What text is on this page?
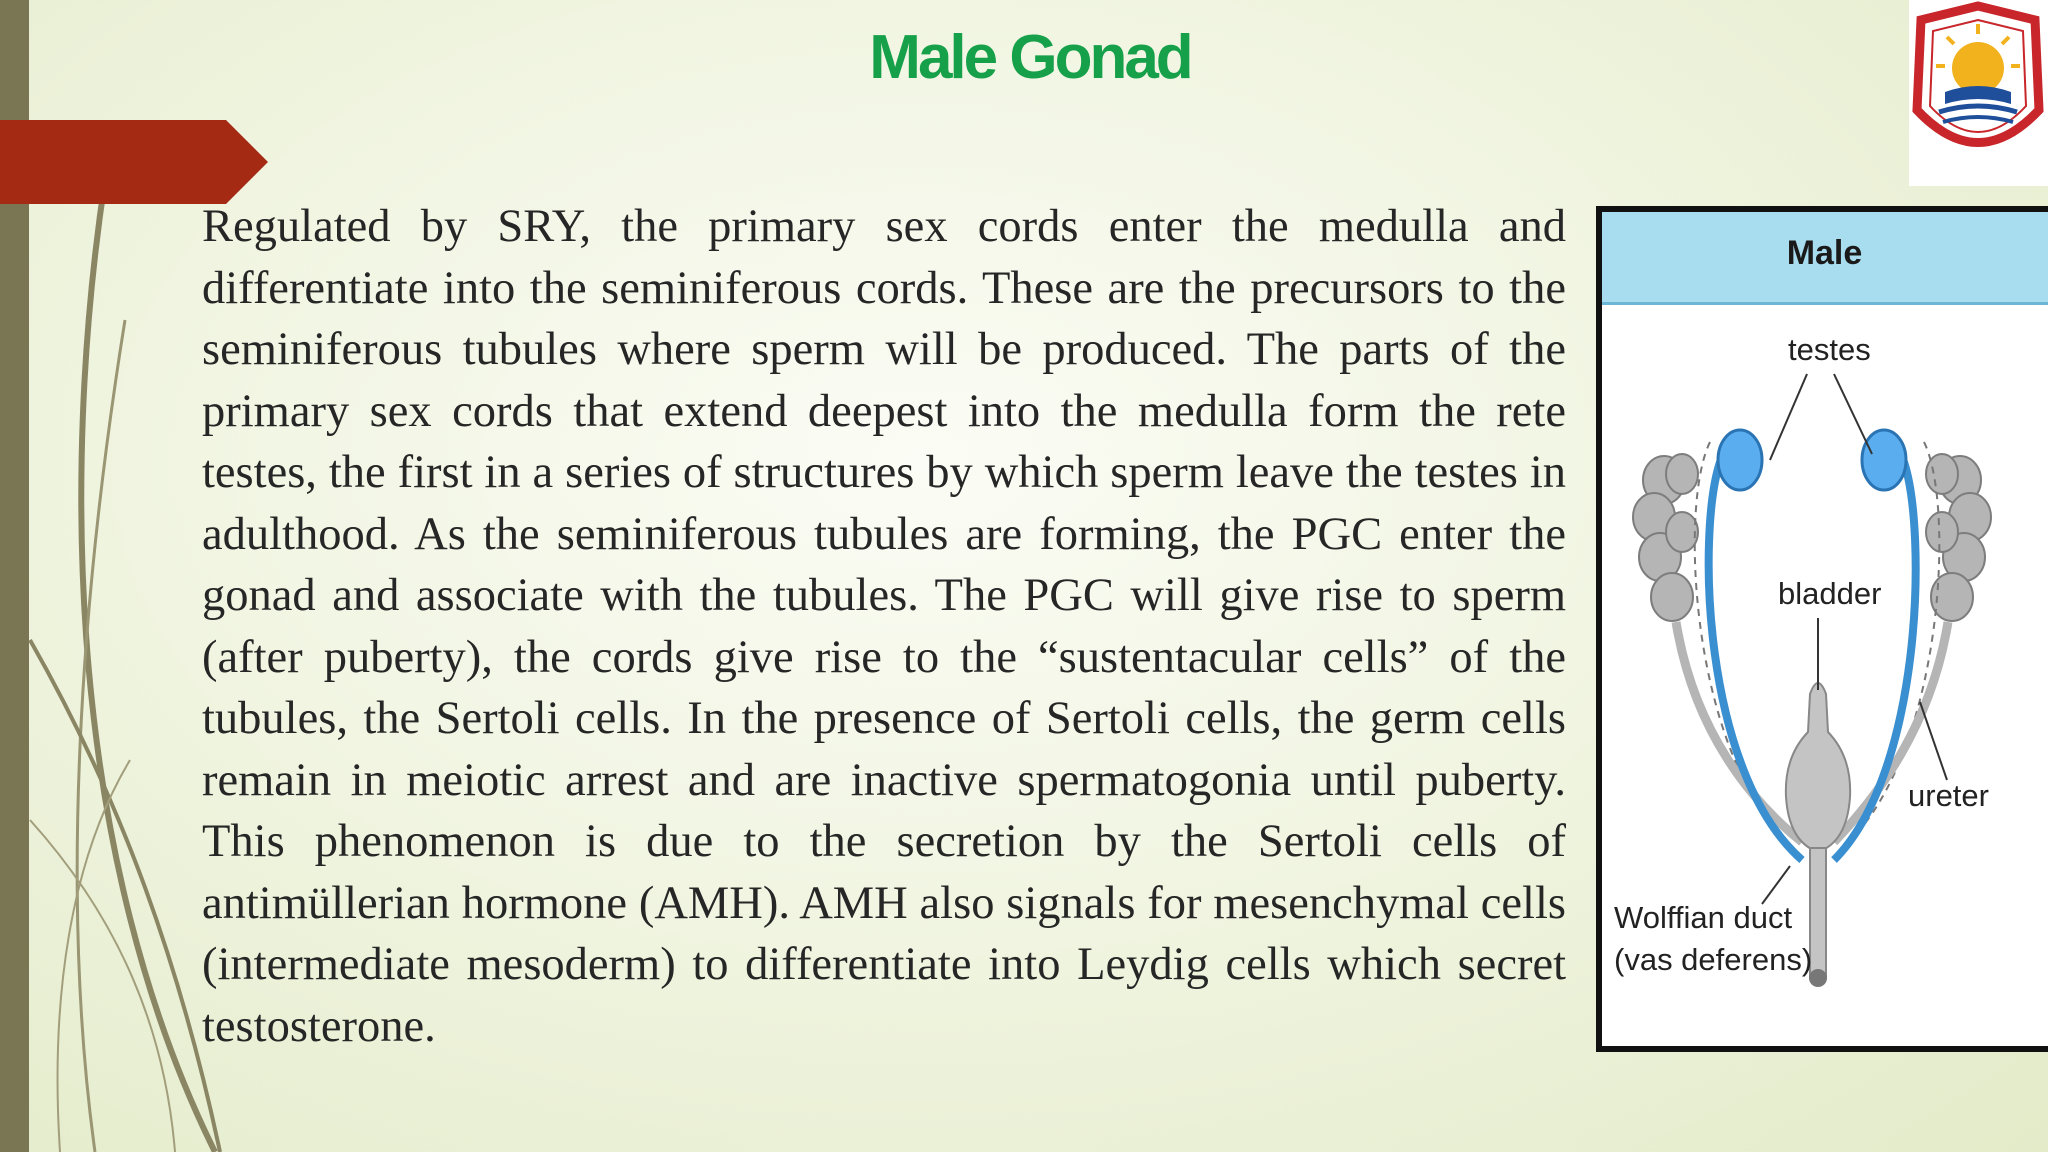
Male Gonad

Regulated by SRY, the primary sex cords enter the medulla and differentiate into the seminiferous cords. These are the precursors to the seminiferous tubules where sperm will be produced. The parts of the primary sex cords that extend deepest into the medulla form the rete testes, the first in a series of structures by which sperm leave the testes in adulthood. As the seminiferous tubules are forming, the PGC enter the gonad and associate with the tubules. The PGC will give rise to sperm (after puberty), the cords give rise to the “sustentacular cells” of the tubules, the Sertoli cells. In the presence of Sertoli cells, the germ cells remain in meiotic arrest and are inactive spermatogonia until puberty. This phenomenon is due to the secretion by the Sertoli cells of antimüllerian hormone (AMH). AMH also signals for mesenchymal cells (intermediate mesoderm) to differentiate into Leydig cells which secret testosterone.

Male
testes
bladder
ureter
Wolffian duct
(vas deferens)
